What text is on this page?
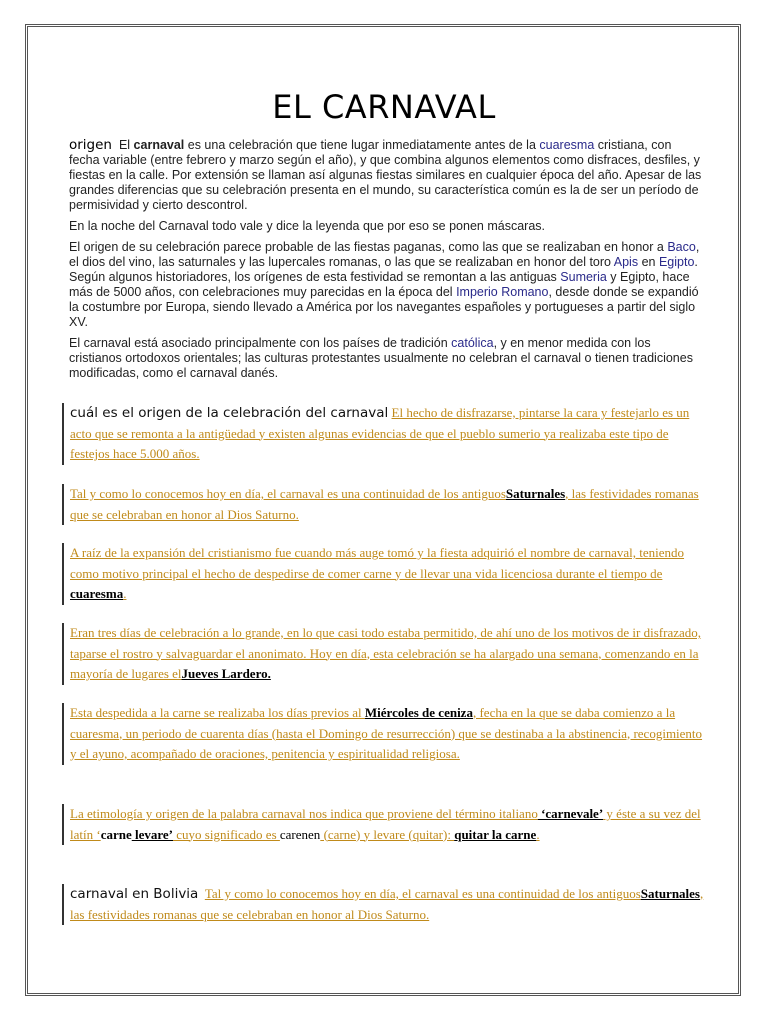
EL CARNAVAL

origen El carnaval es una celebración que tiene lugar inmediatamente antes de la cuaresma cristiana, con fecha variable (entre febrero y marzo según el año), y que combina algunos elementos como disfraces, desfiles, y fiestas en la calle. Por extensión se llaman así algunas fiestas similares en cualquier época del año. Apesar de las grandes diferencias que su celebración presenta en el mundo, su característica común es la de ser un período de permisividad y cierto descontrol.

En la noche del Carnaval todo vale y dice la leyenda que por eso se ponen máscaras.

El origen de su celebración parece probable de las fiestas paganas, como las que se realizaban en honor a Baco, el dios del vino, las saturnales y las lupercales romanas, o las que se realizaban en honor del toro Apis en Egipto. Según algunos historiadores, los orígenes de esta festividad se remontan a las antiguas Sumeria y Egipto, hace más de 5000 años, con celebraciones muy parecidas en la época del Imperio Romano, desde donde se expandió la costumbre por Europa, siendo llevado a América por los navegantes españoles y portugueses a partir del siglo XV.

El carnaval está asociado principalmente con los países de tradición católica, y en menor medida con los cristianos ortodoxos orientales; las culturas protestantes usualmente no celebran el carnaval o tienen tradiciones modificadas, como el carnaval danés.

cuál es el origen de la celebración del carnaval El hecho de disfrazarse, pintarse la cara y festejarlo es un acto que se remonta a la antigüedad y existen algunas evidencias de que el pueblo sumerio ya realizaba este tipo de festejos hace 5.000 años.
Tal y como lo conocemos hoy en día, el carnaval es una continuidad de los antiguosSaturnales, las festividades romanas que se celebraban en honor al Dios Saturno.
A raíz de la expansión del cristianismo fue cuando más auge tomó y la fiesta adquirió el nombre de carnaval, teniendo como motivo principal el hecho de despedirse de comer carne y de llevar una vida licenciosa durante el tiempo de cuaresma.
Eran tres días de celebración a lo grande, en lo que casi todo estaba permitido, de ahí uno de los motivos de ir disfrazado, taparse el rostro y salvaguardar el anonimato. Hoy en día, esta celebración se ha alargado una semana, comenzando en la mayoría de lugares elJueves Lardero.
Esta despedida a la carne se realizaba los días previos al Miércoles de ceniza, fecha en la que se daba comienzo a la cuaresma, un periodo de cuarenta días (hasta el Domingo de resurrección) que se destinaba a la abstinencia, recogimiento y el ayuno, acompañado de oraciones, penitencia y espiritualidad religiosa.
La etimología y origen de la palabra carnaval nos indica que proviene del término italiano ‘carnevale’ y éste a su vez del latín ‘carne levare’ cuyo significado es carenen (carne) y levare (quitar): quitar la carne.
carnaval en Bolivia Tal y como lo conocemos hoy en día, el carnaval es una continuidad de los antiguosSaturnales, las festividades romanas que se celebraban en honor al Dios Saturno.
